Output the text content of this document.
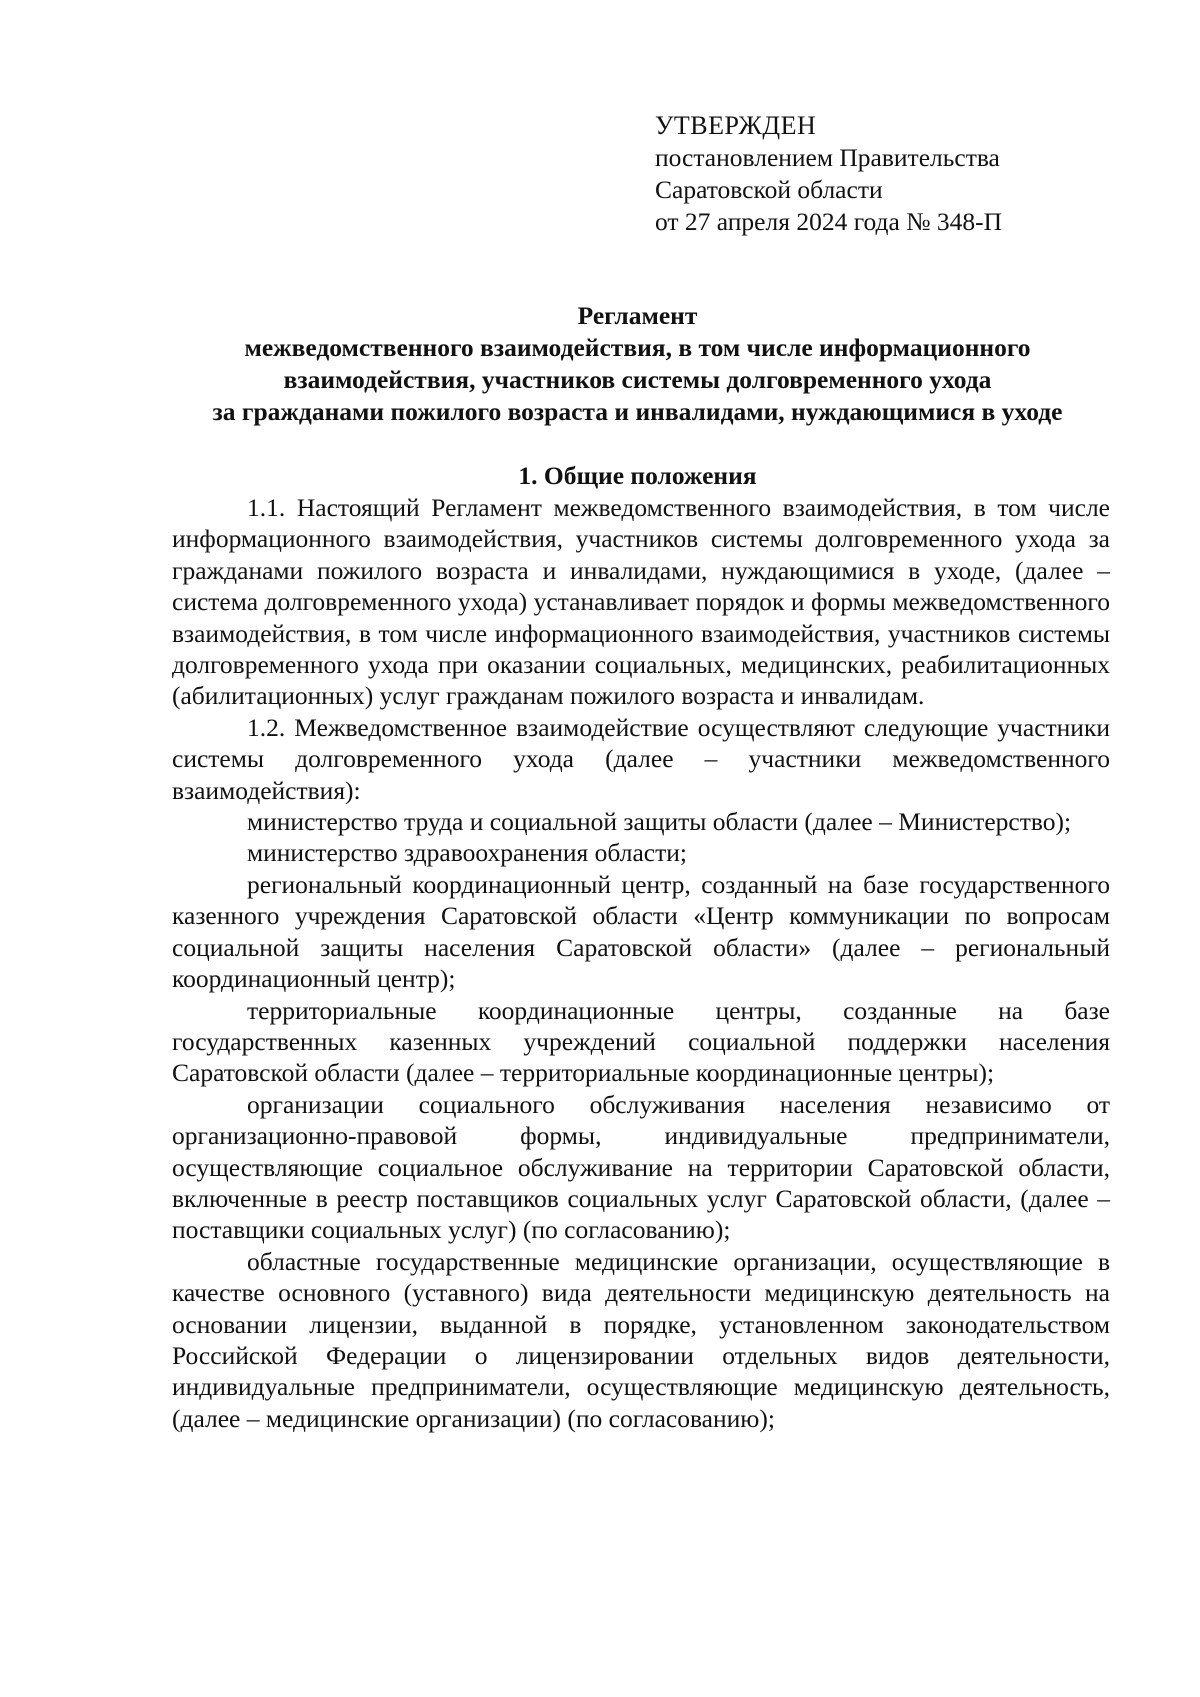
УТВЕРЖДЕН
постановлением Правительства
Саратовской области
от 27 апреля 2024 года № 348-П
Регламент
межведомственного взаимодействия, в том числе информационного
взаимодействия, участников системы долговременного ухода
за гражданами пожилого возраста и инвалидами, нуждающимися в уходе
1. Общие положения

1.1. Настоящий Регламент межведомственного взаимодействия, в том числе информационного взаимодействия, участников системы долговременного ухода за гражданами пожилого возраста и инвалидами, нуждающимися в уходе, (далее – система долговременного ухода) устанавливает порядок и формы межведомственного взаимодействия, в том числе информационного взаимодействия, участников системы долговременного ухода при оказании социальных, медицинских, реабилитационных (абилитационных) услуг гражданам пожилого возраста и инвалидам.

1.2. Межведомственное взаимодействие осуществляют следующие участники системы долговременного ухода (далее – участники межведомственного взаимодействия):

министерство труда и социальной защиты области (далее – Министерство);

министерство здравоохранения области;

региональный координационный центр, созданный на базе государственного казенного учреждения Саратовской области «Центр коммуникации по вопросам социальной защиты населения Саратовской области» (далее – региональный координационный центр);

территориальные координационные центры, созданные на базе государственных казенных учреждений социальной поддержки населения Саратовской области (далее – территориальные координационные центры);

организации социального обслуживания населения независимо от организационно-правовой формы, индивидуальные предприниматели, осуществляющие социальное обслуживание на территории Саратовской области, включенные в реестр поставщиков социальных услуг Саратовской области, (далее – поставщики социальных услуг) (по согласованию);

областные государственные медицинские организации, осуществляющие в качестве основного (уставного) вида деятельности медицинскую деятельность на основании лицензии, выданной в порядке, установленном законодательством Российской Федерации о лицензировании отдельных видов деятельности, индивидуальные предприниматели, осуществляющие медицинскую деятельность, (далее – медицинские организации) (по согласованию);
